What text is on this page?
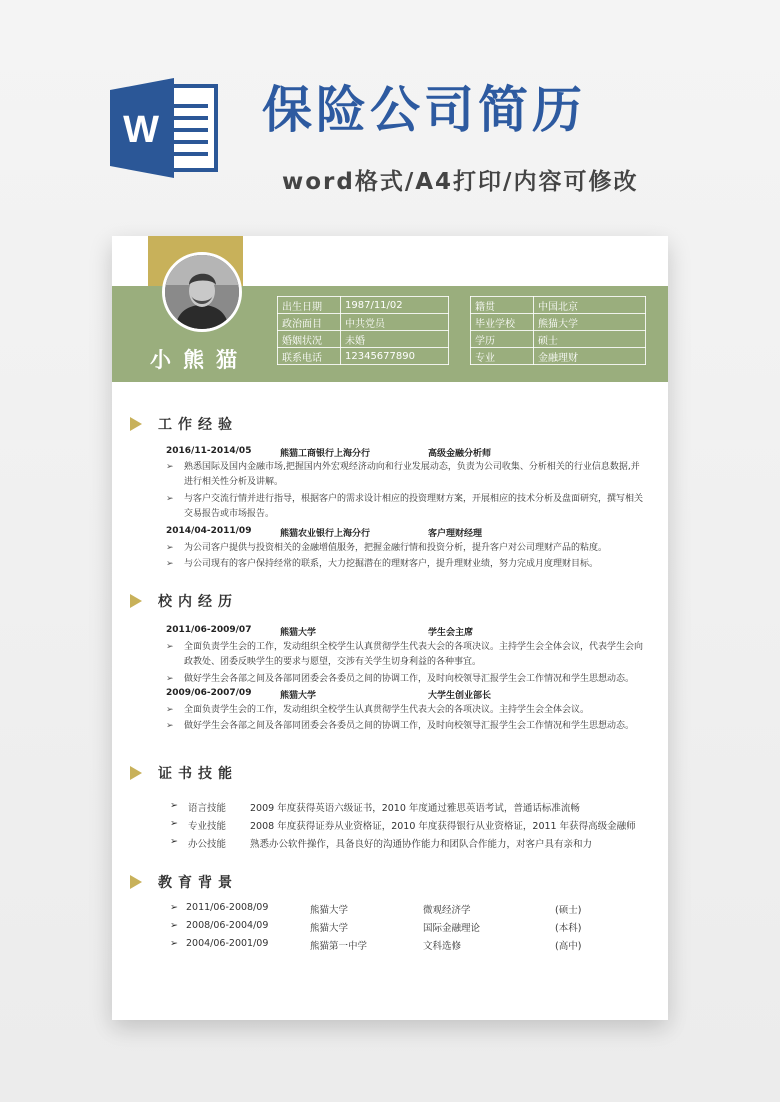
W 保险公司简历
word格式/A4打印/内容可修改
小熊猫
出生日期	1987/11/02
政治面目	中共党员
婚姻状况	未婚
联系电话	12345677890
籍贯	中国北京
毕业学校	熊猫大学
学历	硕士
专业	金融理财
工作经验
2016/11-2014/05	熊猫工商银行上海分行	高级金融分析师
➢ 熟悉国际及国内金融市场,把握国内外宏观经济动向和行业发展动态，负责为公司收集、分析相关的行业信息数据,并进行相关性分析及讲解。
➢ 与客户交流行情并进行指导，根据客户的需求设计相应的投资理财方案，开展相应的技术分析及盘面研究，撰写相关交易报告或市场报告。
2014/04-2011/09	熊猫农业银行上海分行	客户理财经理
➢ 为公司客户提供与投资相关的金融增值服务，把握金融行情和投资分析，提升客户对公司理财产品的粘度。
➢ 与公司现有的客户保持经常的联系，大力挖掘潜在的理财客户，提升理财业绩，努力完成月度理财目标。
校内经历
2011/06-2009/07	熊猫大学	学生会主席
➢ 全面负责学生会的工作，发动组织全校学生认真贯彻学生代表大会的各项决议。主持学生会全体会议，代表学生会向政教处、团委反映学生的要求与愿望，交涉有关学生切身利益的各种事宜。
➢ 做好学生会各部之间及各部同团委会各委员之间的协调工作，及时向校领导汇报学生会工作情况和学生思想动态。
2009/06-2007/09	熊猫大学	大学生创业部长
➢ 全面负责学生会的工作，发动组织全校学生认真贯彻学生代表大会的各项决议。主持学生会全体会议。
➢ 做好学生会各部之间及各部同团委会各委员之间的协调工作，及时向校领导汇报学生会工作情况和学生思想动态。
证书技能
➢ 语言技能	2009 年度获得英语六级证书，2010 年度通过雅思英语考试，普通话标准流畅
➢ 专业技能	2008 年度获得证券从业资格证，2010 年度获得银行从业资格证，2011 年获得高级金融师
➢ 办公技能	熟悉办公软件操作，具备良好的沟通协作能力和团队合作能力，对客户具有亲和力
教育背景
➢ 2011/06-2008/09	熊猫大学	微观经济学	(硕士)
➢ 2008/06-2004/09	熊猫大学	国际金融理论	(本科)
➢ 2004/06-2001/09	熊猫第一中学	文科选修	(高中)
